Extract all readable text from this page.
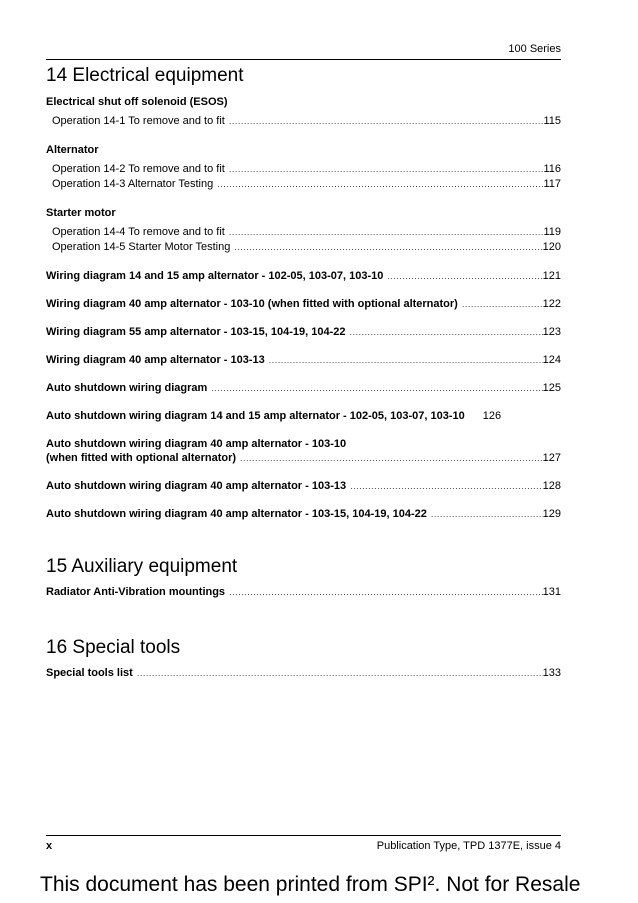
100 Series
14 Electrical equipment
Electrical shut off solenoid (ESOS)
Operation 14-1 To remove and to fit .....	115
Alternator
Operation 14-2 To remove and to fit .....	116
Operation 14-3 Alternator Testing .....	117
Starter motor
Operation 14-4 To remove and to fit .....	119
Operation 14-5 Starter Motor Testing .....	120
Wiring diagram 14 and 15 amp alternator - 102-05, 103-07, 103-10 .....	121
Wiring diagram 40 amp alternator - 103-10 (when fitted with optional alternator) .....	122
Wiring diagram 55 amp alternator - 103-15, 104-19, 104-22 .....	123
Wiring diagram 40 amp alternator - 103-13 .....	124
Auto shutdown wiring diagram .....	125
Auto shutdown wiring diagram 14 and 15 amp alternator - 102-05, 103-07, 103-10 126
Auto shutdown wiring diagram 40 amp alternator - 103-10
(when fitted with optional alternator) .....	127
Auto shutdown wiring diagram 40 amp alternator - 103-13 .....	128
Auto shutdown wiring diagram 40 amp alternator - 103-15, 104-19, 104-22 .....	129
15 Auxiliary equipment
Radiator Anti-Vibration mountings .....	131
16 Special tools
Special tools list .....	133
x	Publication Type, TPD 1377E, issue 4
This document has been printed from SPI². Not for Resale
